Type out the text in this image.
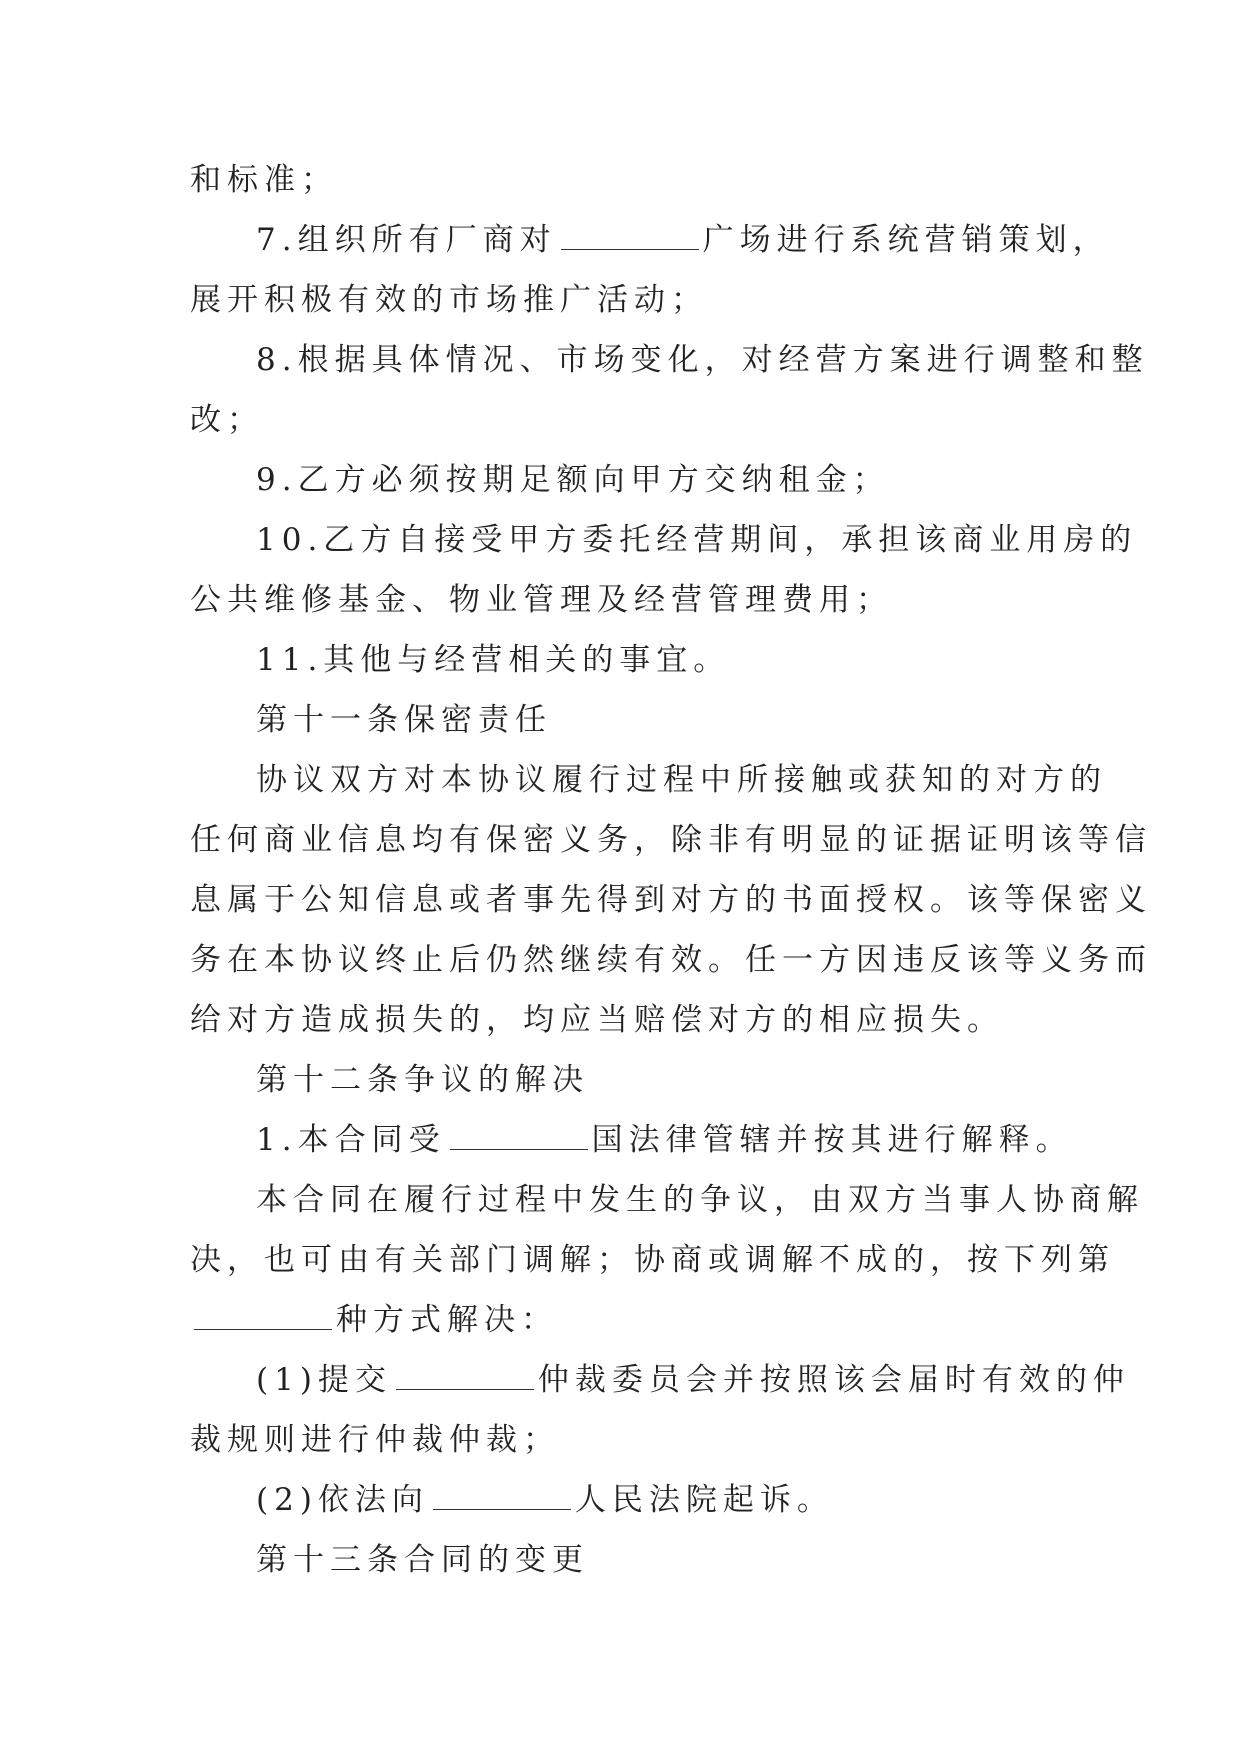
和标准；
7.组织所有厂商对	广场进行系统营销策划，
展开积极有效的市场推广活动；
8.根据具体情况、市场变化，对经营方案进行调整和整
改；
9.乙方必须按期足额向甲方交纳租金；
10.乙方自接受甲方委托经营期间，承担该商业用房的
公共维修基金、物业管理及经营管理费用；
11.其他与经营相关的事宜。
第十一条保密责任
协议双方对本协议履行过程中所接触或获知的对方的
任何商业信息均有保密义务，除非有明显的证据证明该等信
息属于公知信息或者事先得到对方的书面授权。该等保密义
务在本协议终止后仍然继续有效。任一方因违反该等义务而
给对方造成损失的，均应当赔偿对方的相应损失。
第十二条争议的解决
1.本合同受	国法律管辖并按其进行解释。
本合同在履行过程中发生的争议，由双方当事人协商解
决，也可由有关部门调解；协商或调解不成的，按下列第
种方式解决：
(1)提交	仲裁委员会并按照该会届时有效的仲
裁规则进行仲裁仲裁；
(2)依法向	人民法院起诉。
第十三条合同的变更
